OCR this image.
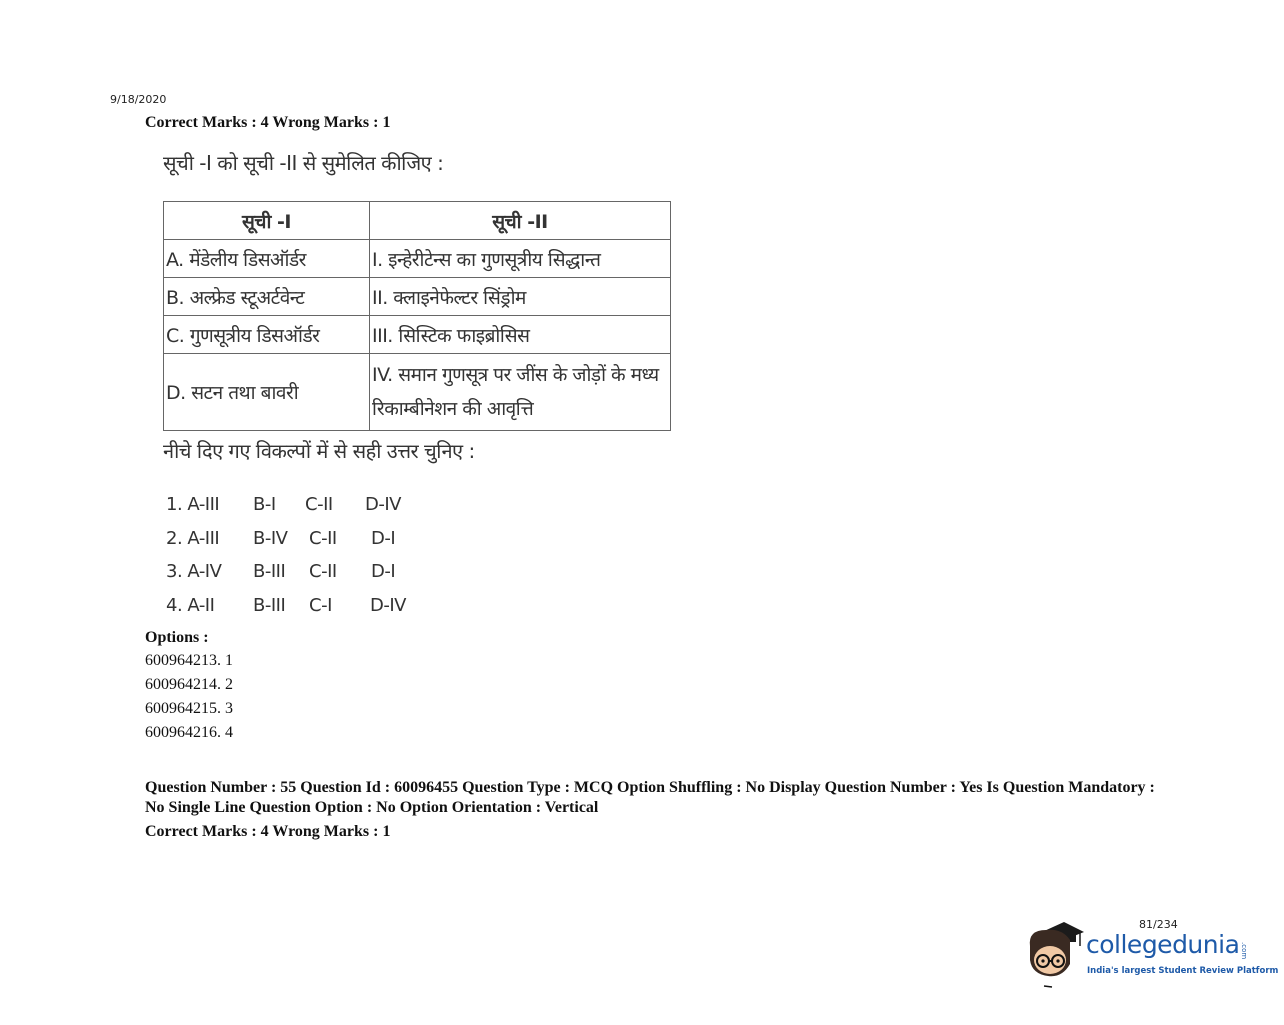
9/18/2020
Correct Marks : 4 Wrong Marks : 1
सूची -I को सूची -II से सुमेलित कीजिए :
सूची -I	सूची -II
A. मेंडेलीय डिसऑर्डर	I. इन्हेरीटेन्स का गुणसूत्रीय सिद्धान्त
B. अल्फ्रेड स्टूअर्टवेन्ट	II. क्लाइनेफेल्टर सिंड्रोम
C. गुणसूत्रीय डिसऑर्डर	III. सिस्टिक फाइब्रोसिस
D. सटन तथा बावरी	IV. समान गुणसूत्र पर जींस के जोड़ों के मध्य
रिकाम्बीनेशन की आवृत्ति
नीचे दिए गए विकल्पों में से सही उत्तर चुनिए :
1. A-III B-I C-II D-IV
2. A-III B-IV C-II D-I
3. A-IV B-III C-II D-I
4. A-II B-III C-I D-IV
Options :
600964213. 1
600964214. 2
600964215. 3
600964216. 4
Question Number : 55 Question Id : 60096455 Question Type : MCQ Option Shuffling : No Display Question Number : Yes Is Question Mandatory : No Single Line Question Option : No Option Orientation : Vertical
Correct Marks : 4 Wrong Marks : 1
81/234
collegedunia .com
India's largest Student Review Platform
